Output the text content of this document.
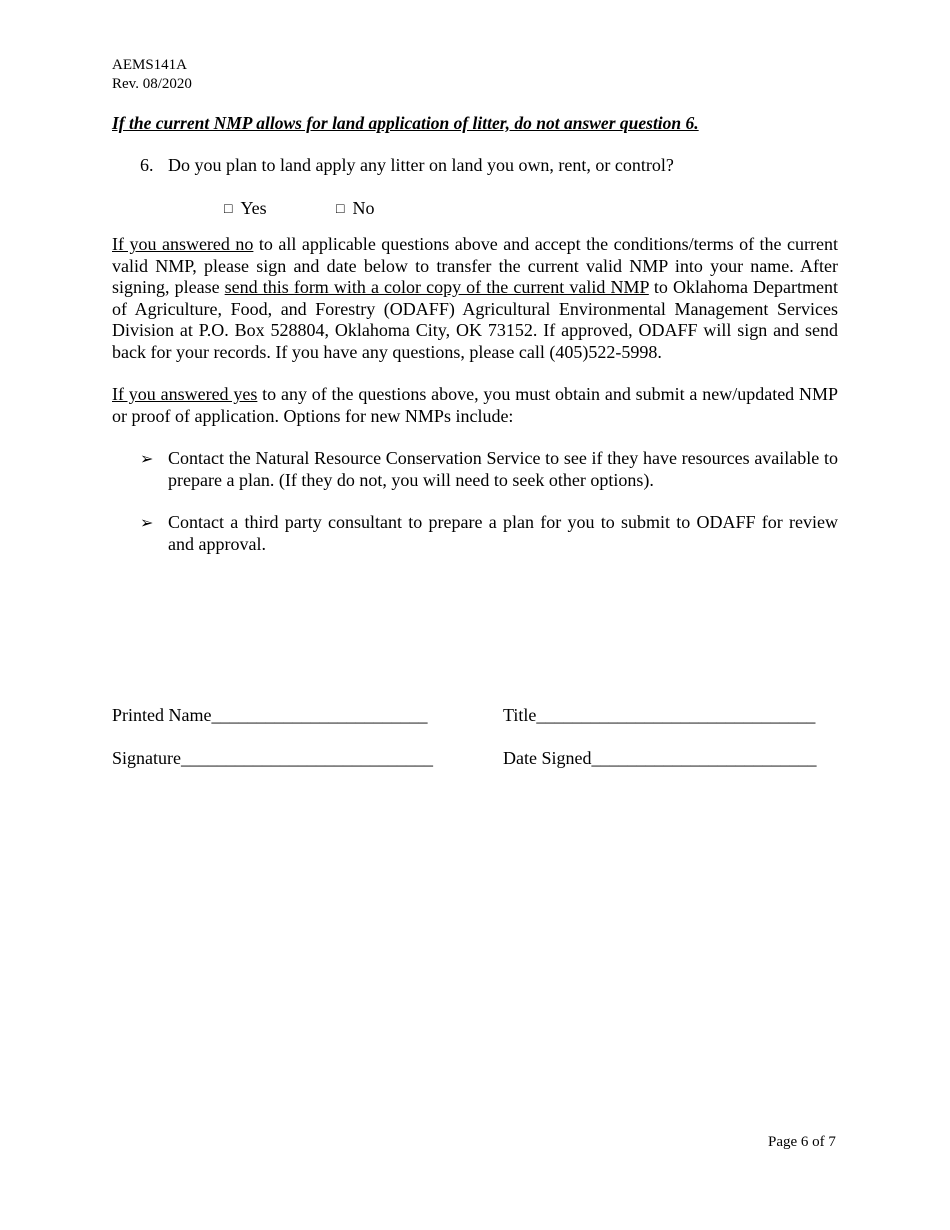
AEMS141A
Rev. 08/2020
If the current NMP allows for land application of litter, do not answer question 6.
6. Do you plan to land apply any litter on land you own, rent, or control?
□ Yes	□ No
If you answered no to all applicable questions above and accept the conditions/terms of the current valid NMP, please sign and date below to transfer the current valid NMP into your name. After signing, please send this form with a color copy of the current valid NMP to Oklahoma Department of Agriculture, Food, and Forestry (ODAFF) Agricultural Environmental Management Services Division at P.O. Box 528804, Oklahoma City, OK 73152. If approved, ODAFF will sign and send back for your records. If you have any questions, please call (405)522-5998.
If you answered yes to any of the questions above, you must obtain and submit a new/updated NMP or proof of application. Options for new NMPs include:
➢ Contact the Natural Resource Conservation Service to see if they have resources available to prepare a plan. (If they do not, you will need to seek other options).
➢ Contact a third party consultant to prepare a plan for you to submit to ODAFF for review and approval.
Printed Name________________________	Title_______________________________
Signature____________________________	Date Signed_________________________
Page 6 of 7
